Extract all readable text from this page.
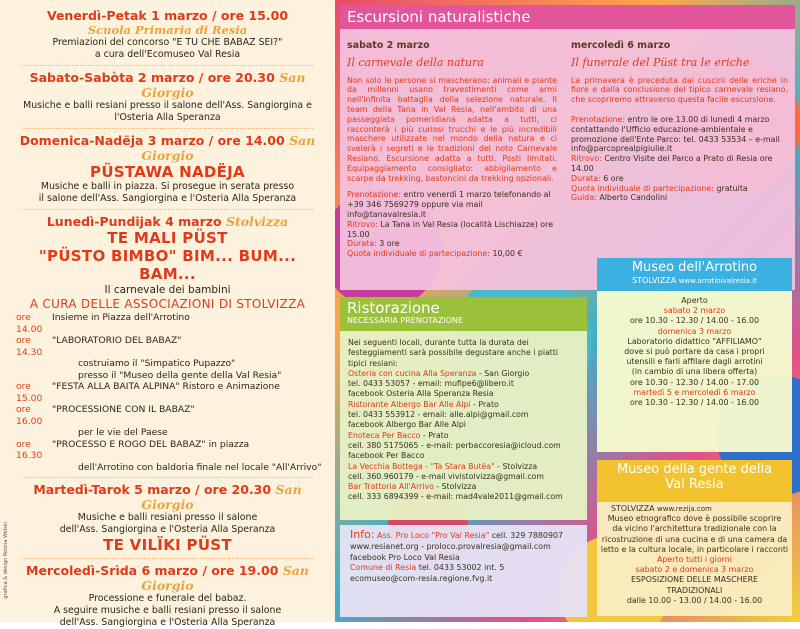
grafica & design Rosina Wolski
Venerdì-Petak 1 marzo / ore 15.00
Scuola Primaria di Resia
Premiazioni del concorso "E TU CHE BABAZ SEI?"
a cura dell'Ecomuseo Val Resia
Sabato-Sabòta 2 marzo / ore 20.30 San Giorgio
Musiche e balli resiani presso il salone dell'Ass. Sangiorgina e
l'Osteria Alla Speranza
Domenica-Nadëja 3 marzo / ore 14.00 San Giorgio
PÜSTAWA NADËJA
Musiche e balli in piazza. Si prosegue in serata presso
il salone dell'Ass. Sangiorgina e l'Osteria Alla Speranza
Lunedì-Pundijak 4 marzo Stolvizza
TE MALI PÜST
"PÜSTO BIMBO" BIM... BUM... BAM...
Il carnevale dei bambini
A CURA DELLE ASSOCIAZIONI DI STOLVIZZA
ore 14.00
Insieme in Piazza dell'Arrotino
ore 14.30
"LABORATORIO DEL BABAZ"
costruiamo il "Simpatico Pupazzo"
presso il "Museo della gente della Val Resia"
ore 15.00
"FESTA ALLA BAITA ALPINA" Ristoro e Animazione
ore 16.00
"PROCESSIONE CON IL BABAZ"
per le vie del Paese
ore 16.30
"PROCESSO E ROGO DEL BABAZ" in piazza
dell'Arrotino con baldoria finale nel locale "All'Arrivo"
Martedì-Tarok 5 marzo / ore 20.30 San Giorgio
Musiche e balli resiani presso il salone
dell'Ass. Sangiorgina e l'Osteria Alla Speranza
TE VILÏKI PÜST
Mercoledì-Srìda 6 marzo / ore 19.00 San Giorgio
Processione e funerale del babaz.
A seguire musiche e balli resiani presso il salone
dell'Ass. Sangiorgina e l'Osteria Alla Speranza
Escursioni naturalistiche
sabato 2 marzo
Il carnevale della natura
Non solo le persone si mascherano: animali e piante da millenni usano travestimenti come armi nell'infinita battaglia della selezione naturale. Il team della Tana in Val Resia, nell'ambito di una passeggiata pomeridiana adatta a tutti, ci racconterà i più curiosi trucchi e le più incredibili maschere utilizzate nel mondo della natura e ci svelerà i segreti e le tradizioni del noto Carnevale Resiano. Escursione adatta a tutti. Posti limitati. Equipaggiamento consigliato: abbigliamento e scarpe da trekking, bastoncini da trekking opzionali.
Prenotazione: entro venerdì 1 marzo telefonando al +39 346 7569279 oppure via mail info@tanavalresia.it
Ritrovo: La Tana in Val Resia (località Lischiazze) ore 15.00
Durata: 3 ore
Quota individuale di partecipazione: 10,00 €
mercoledì 6 marzo
Il funerale del Püst tra le eriche
La primavera è preceduta dai cuscini delle eriche in fiore e dalla conclusione del tipico carnevale resiano, che scopriremo attraverso questa facile escursione.
Prenotazione: entro le ore 13.00 di lunedì 4 marzo contattando l'Ufficio educazione-ambientale e promozione dell'Ente Parco: tel. 0433 53534 – e-mail info@parcoprealpigiulie.it
Ritrovo: Centro Visite del Parco a Prato di Resia ore 14.00
Durata: 6 ore
Quota individuale di partecipazione: gratuita
Guida: Alberto Candolini
Ristorazione
NECESSARIA PRENOTAZIONE
Nei seguenti locali, durante tutta la durata dei festeggiamenti sarà possibile degustare anche i piatti tipici resiani:
Osteria con cucina Alla Speranza - San Giorgio
tel. 0433 53057 - email: mufipe6@libero.it
facebook Osteria Alla Speranza Resia
Ristorante Albergo Bar Alle Alpi - Prato
tel. 0433 553912 - email: alle.alpi@gmail.com
facebook Albergo Bar Alle Alpi
Enoteca Per Bacco - Prato
cell. 380 5175065 - e-mail: perbaccoresia@icloud.com
facebook Per Bacco
La Vecchia Bottega - "Ta Stara Butëa" - Stolvizza
cell. 360.960179 - e-mail vivistolvizza@gmail.com
Bar Trattoria All'Arrivo - Stolvizza
cell. 333 6894399 - e-mail: mad4vale2011@gmail.com
Info: Ass. Pro Loco "Pro Val Resia" cell. 329 7880907
www.resianet.org - proloco.provalresia@gmail.com
facebook Pro Loco Val Resia
Comune di Resia tel. 0433 53002 int. 5
ecomuseo@com-resia.regione.fvg.it
Museo dell'Arrotino
STOLVIZZA www.arrotinivalresia.it
Aperto
sabato 2 marzo
ore 10.30 - 12.30 / 14.00 - 16.00
domenica 3 marzo
Laboratorio didattico "AFFILIAMO"
dove si può portare da casa i propri
utensili e farli affilare dagli arrotini
(in cambio di una libera offerta)
ore 10.30 - 12.30 / 14.00 - 17.00
martedì 5 e mercoledì 6 marzo
ore 10.30 - 12.30 / 14.00 - 16.00
Museo della gente della
Val Resia
STOLVIZZA www.rezija.com
Museo etnografico dove è possibile scoprire
da vicino l'architettura tradizionale con la
ricostruzione di una cucina e di una camera da
letto e la cultura locale, in particolare i racconti
Aperto tutti i giorni
sabato 2 e domenica 3 marzo
ESPOSIZIONE DELLE MASCHERE
TRADIZIONALI
dalle 10.00 - 13.00 / 14.00 - 16.00
